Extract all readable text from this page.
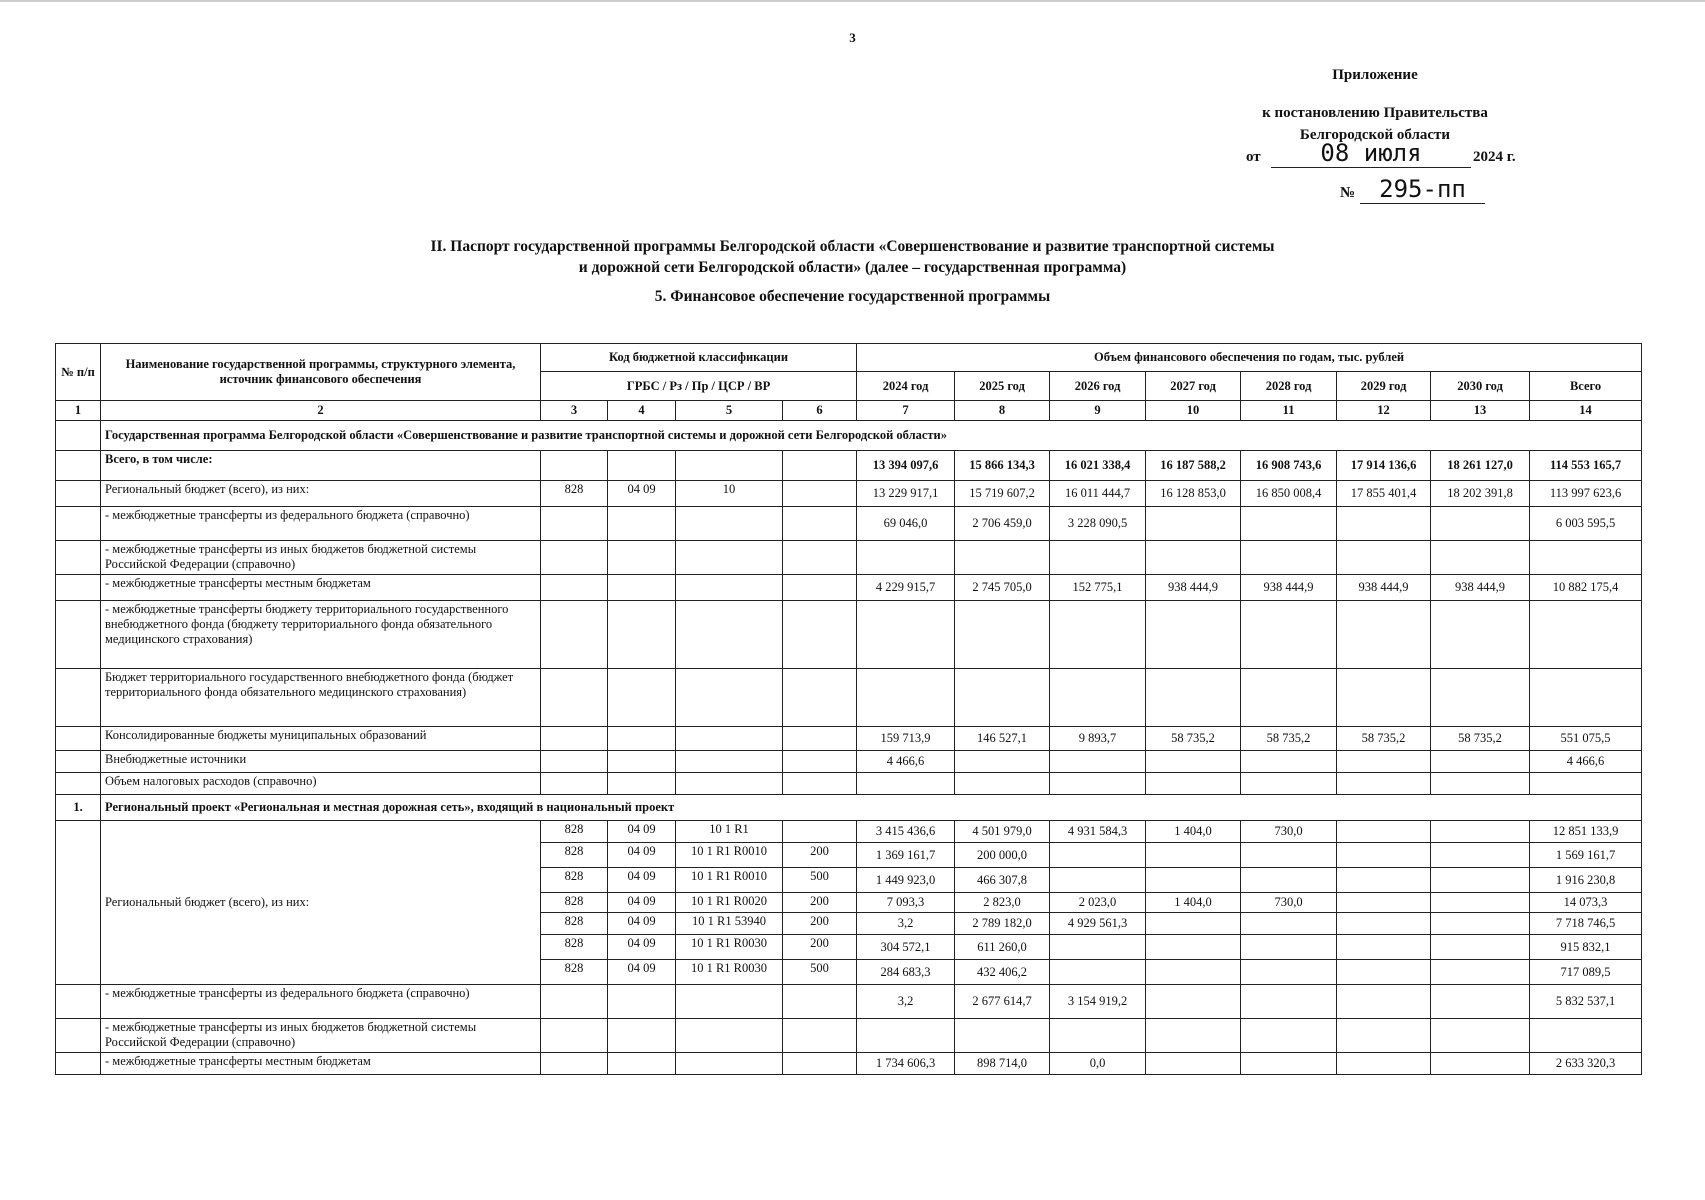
3
Приложение
к постановлению Правительства
Белгородской области
от	08 июля	2024 г.
№	295-пп
II. Паспорт государственной программы Белгородской области «Совершенствование и развитие транспортной системы
и дорожной сети Белгородской области» (далее – государственная программа)
5. Финансовое обеспечение государственной программы
№ п/п	Наименование государственной программы, структурного элемента, источник финансового обеспечения	Код бюджетной классификации				Объем финансового обеспечения по годам, тыс. рублей							
		ГРБС / Рз / Пр / ЦСР / ВР				2024 год	2025 год	2026 год	2027 год	2028 год	2029 год	2030 год	Всего
1	2	3	4	5	6	7	8	9	10	11	12	13	14
	Государственная программа Белгородской области «Совершенствование и развитие транспортной системы и дорожной сети Белгородской области»												
	Всего, в том числе:					13 394 097,6	15 866 134,3	16 021 338,4	16 187 588,2	16 908 743,6	17 914 136,6	18 261 127,0	114 553 165,7
	Региональный бюджет (всего), из них:	828	04 09	10		13 229 917,1	15 719 607,2	16 011 444,7	16 128 853,0	16 850 008,4	17 855 401,4	18 202 391,8	113 997 623,6
	- межбюджетные трансферты из федерального бюджета (справочно)					69 046,0	2 706 459,0	3 228 090,5					6 003 595,5
	- межбюджетные трансферты из иных бюджетов бюджетной системы Российской Федерации (справочно)												
	- межбюджетные трансферты местным бюджетам					4 229 915,7	2 745 705,0	152 775,1	938 444,9	938 444,9	938 444,9	938 444,9	10 882 175,4
	- межбюджетные трансферты бюджету территориального государственного внебюджетного фонда (бюджету территориального фонда обязательного медицинского страхования)												
	Бюджет территориального государственного внебюджетного фонда (бюджет территориального фонда обязательного медицинского страхования)												
	Консолидированные бюджеты муниципальных образований					159 713,9	146 527,1	9 893,7	58 735,2	58 735,2	58 735,2	58 735,2	551 075,5
	Внебюджетные источники					4 466,6							4 466,6
	Объем налоговых расходов (справочно)												
1.	Региональный проект «Региональная и местная дорожная сеть», входящий в национальный проект												
	Региональный бюджет (всего), из них:	828	04 09	10 1 R1		3 415 436,6	4 501 979,0	4 931 584,3	1 404,0	730,0			12 851 133,9
		828	04 09	10 1 R1 R0010	200	1 369 161,7	200 000,0						1 569 161,7
		828	04 09	10 1 R1 R0010	500	1 449 923,0	466 307,8						1 916 230,8
		828	04 09	10 1 R1 R0020	200	7 093,3	2 823,0	2 023,0	1 404,0	730,0			14 073,3
		828	04 09	10 1 R1 53940	200	3,2	2 789 182,0	4 929 561,3					7 718 746,5
		828	04 09	10 1 R1 R0030	200	304 572,1	611 260,0						915 832,1
		828	04 09	10 1 R1 R0030	500	284 683,3	432 406,2						717 089,5
	- межбюджетные трансферты из федерального бюджета (справочно)					3,2	2 677 614,7	3 154 919,2					5 832 537,1
	- межбюджетные трансферты из иных бюджетов бюджетной системы Российской Федерации (справочно)												
	- межбюджетные трансферты местным бюджетам					1 734 606,3	898 714,0	0,0					2 633 320,3
